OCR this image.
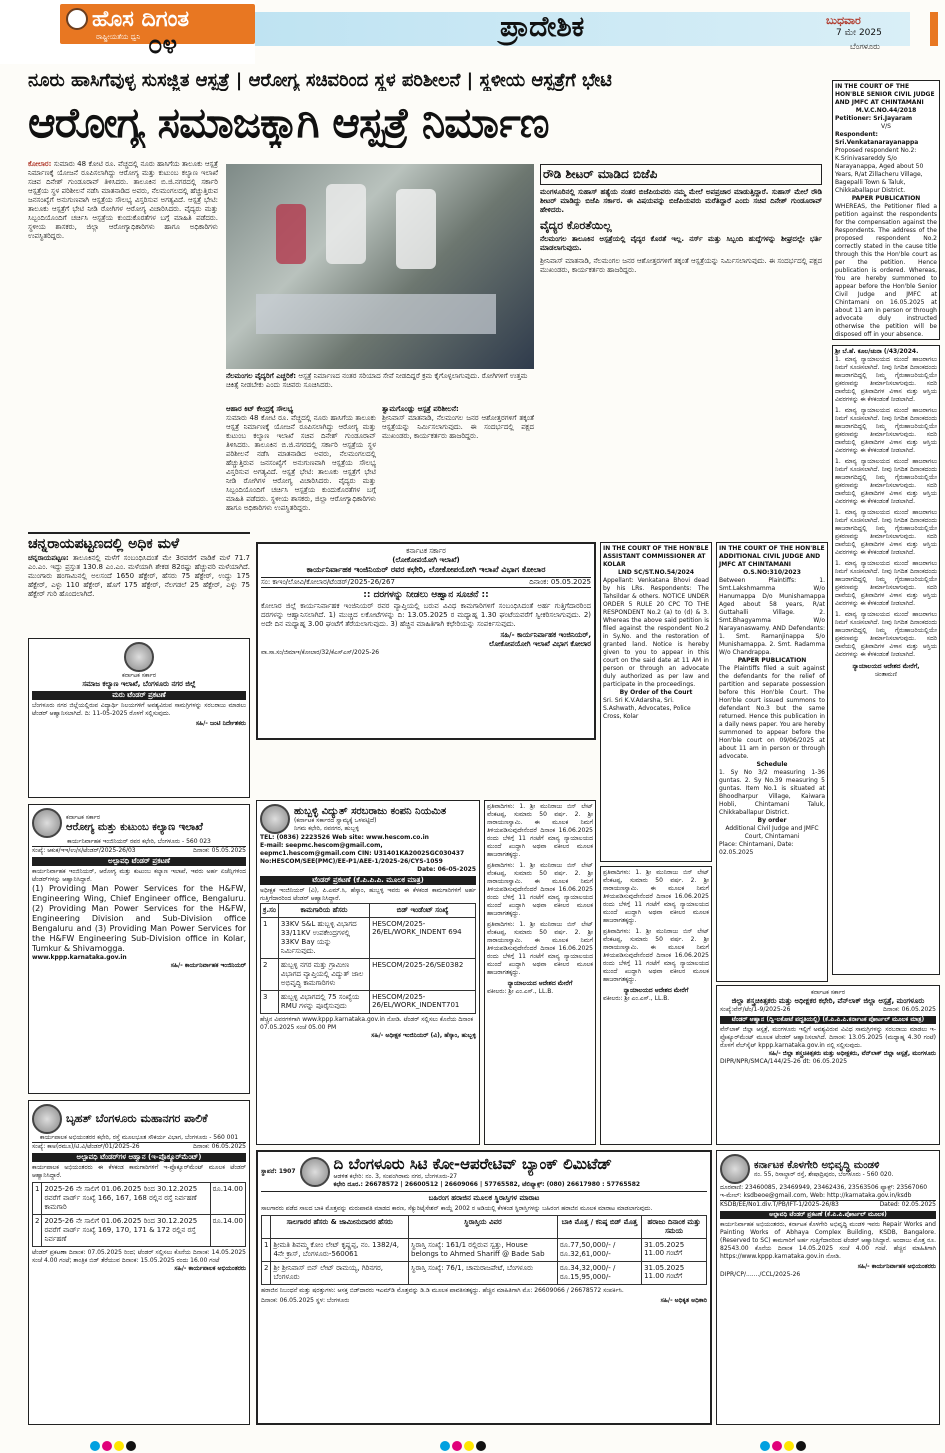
ಹೊಸ ದಿಗಂತ
ರಾಷ್ಟ್ರೀಯತೆಯ ಧ್ವನಿ ೦೪
ಪ್ರಾದೇಶಿಕ	ಬುಧವಾರ
7 ಮೇ 2025
ಬೆಂಗಳೂರು
ನೂರು ಹಾಸಿಗೆವುಳ್ಳ ಸುಸಜ್ಜಿತ ಆಸ್ಪತ್ರೆ | ಆರೋಗ್ಯ ಸಚಿವರಿಂದ ಸ್ಥಳ ಪರಿಶೀಲನೆ | ಸ್ಥಳೀಯ ಆಸ್ಪತ್ರೆಗೆ ಭೇಟಿ
ಆರೋಗ್ಯ ಸಮಾಜಕ್ಕಾಗಿ ಆಸ್ಪತ್ರೆ ನಿರ್ಮಾಣ
ಕೋಲಾರ: ಸುಮಾರು 48 ಕೋಟಿ ರೂ. ವೆಚ್ಚದಲ್ಲಿ ನೂರು ಹಾಸಿಗೆಯ ತಾಲೂಕು ಆಸ್ಪತ್ರೆ ನಿರ್ಮಾಣಕ್ಕೆ ಯೋಜನೆ ರೂಪಿಸಲಾಗಿದ್ದು ಆರೋಗ್ಯ ಮತ್ತು ಕುಟುಂಬ ಕಲ್ಯಾಣ ಇಲಾಖೆ ಸಚಿವ ದಿನೇಶ್ ಗುಂಡೂರಾವ್ ತಿಳಿಸಿದರು. ತಾಲೂಕಿನ ಬಿ.ಜಿ.ನಗರದಲ್ಲಿ ಸರ್ಕಾರಿ ಆಸ್ಪತ್ರೆಯ ಸ್ಥಳ ಪರಿಶೀಲನೆ ನಡೆಸಿ ಮಾತನಾಡಿದ ಅವರು, ನೆಲಮಂಗಲದಲ್ಲಿ ಹೆಚ್ಚುತ್ತಿರುವ ಜನಸಂಖ್ಯೆಗೆ ಅನುಗುಣವಾಗಿ ಆಸ್ಪತ್ರೆಯ ಸೌಲಭ್ಯ ವಿಸ್ತರಿಸುವ ಅಗತ್ಯವಿದೆ. ಆಸ್ಪತ್ರೆ ಭೇಟಿ: ತಾಲೂಕು ಆಸ್ಪತ್ರೆಗೆ ಭೇಟಿ ನೀಡಿ ರೋಗಿಗಳ ಆರೋಗ್ಯ ವಿಚಾರಿಸಿದರು. ವೈದ್ಯರು ಮತ್ತು ಸಿಬ್ಬಂದಿಯೊಂದಿಗೆ ಚರ್ಚಿಸಿ ಆಸ್ಪತ್ರೆಯ ಕುಂದುಕೊರತೆಗಳ ಬಗ್ಗೆ ಮಾಹಿತಿ ಪಡೆದರು. ಸ್ಥಳೀಯ ಶಾಸಕರು, ಜಿಲ್ಲಾ ಆರೋಗ್ಯಾಧಿಕಾರಿಗಳು ಹಾಗೂ ಅಧಿಕಾರಿಗಳು ಉಪಸ್ಥಿತರಿದ್ದರು.
ನೆಲಮಂಗಲ ವೈದ್ಯರಿಗೆ ಎಚ್ಚರಿಕೆ: ಆಸ್ಪತ್ರೆ ನಿರ್ಮಾಣದ ನಂತರ ಸರಿಯಾದ ಸೇವೆ ನೀಡದಿದ್ದರೆ ಕ್ರಮ ಕೈಗೊಳ್ಳಲಾಗುವುದು. ರೋಗಿಗಳಿಗೆ ಉತ್ತಮ ಚಿಕಿತ್ಸೆ ನೀಡಬೇಕು ಎಂದು ಸಚಿವರು ಸೂಚಿಸಿದರು.
ಆಹಾರ ಕಿಟ್ ಕೇಂದ್ರಕ್ಕೆ ಸೌಲಭ್ಯ
ಸುಮಾರು 48 ಕೋಟಿ ರೂ. ವೆಚ್ಚದಲ್ಲಿ ನೂರು ಹಾಸಿಗೆಯ ತಾಲೂಕು ಆಸ್ಪತ್ರೆ ನಿರ್ಮಾಣಕ್ಕೆ ಯೋಜನೆ ರೂಪಿಸಲಾಗಿದ್ದು ಆರೋಗ್ಯ ಮತ್ತು ಕುಟುಂಬ ಕಲ್ಯಾಣ ಇಲಾಖೆ ಸಚಿವ ದಿನೇಶ್ ಗುಂಡೂರಾವ್ ತಿಳಿಸಿದರು. ತಾಲೂಕಿನ ಬಿ.ಜಿ.ನಗರದಲ್ಲಿ ಸರ್ಕಾರಿ ಆಸ್ಪತ್ರೆಯ ಸ್ಥಳ ಪರಿಶೀಲನೆ ನಡೆಸಿ ಮಾತನಾಡಿದ ಅವರು, ನೆಲಮಂಗಲದಲ್ಲಿ ಹೆಚ್ಚುತ್ತಿರುವ ಜನಸಂಖ್ಯೆಗೆ ಅನುಗುಣವಾಗಿ ಆಸ್ಪತ್ರೆಯ ಸೌಲಭ್ಯ ವಿಸ್ತರಿಸುವ ಅಗತ್ಯವಿದೆ. ಆಸ್ಪತ್ರೆ ಭೇಟಿ: ತಾಲೂಕು ಆಸ್ಪತ್ರೆಗೆ ಭೇಟಿ ನೀಡಿ ರೋಗಿಗಳ ಆರೋಗ್ಯ ವಿಚಾರಿಸಿದರು. ವೈದ್ಯರು ಮತ್ತು ಸಿಬ್ಬಂದಿಯೊಂದಿಗೆ ಚರ್ಚಿಸಿ ಆಸ್ಪತ್ರೆಯ ಕುಂದುಕೊರತೆಗಳ ಬಗ್ಗೆ ಮಾಹಿತಿ ಪಡೆದರು. ಸ್ಥಳೀಯ ಶಾಸಕರು, ಜಿಲ್ಲಾ ಆರೋಗ್ಯಾಧಿಕಾರಿಗಳು ಹಾಗೂ ಅಧಿಕಾರಿಗಳು ಉಪಸ್ಥಿತರಿದ್ದರು.
ತ್ವಾಮಗೊಂಡ್ಲು ಆಸ್ಪತ್ರೆ ಪರಿಶೀಲನೆ:
ಶ್ರೀನಿವಾಸ್ ಮಾತನಾಡಿ, ನೆಲಮಂಗಲ ಜನರ ಆಶೋತ್ತರಗಳಿಗೆ ತಕ್ಕಂತೆ ಆಸ್ಪತ್ರೆಯನ್ನು ನಿರ್ಮಿಸಲಾಗುವುದು. ಈ ಸಂದರ್ಭದಲ್ಲಿ ಪಕ್ಷದ ಮುಖಂಡರು, ಕಾರ್ಯಕರ್ತರು ಹಾಜರಿದ್ದರು.
ರೌಡಿ ಶೀಟರ್ ಮಾಡಿದ ಬಿಜೆಪಿ
ಮಂಗಳೂರಿನಲ್ಲಿ ಸುಹಾಸ್ ಹತ್ಯೆಯ ನಂತರ ಬಿಜೆಪಿಯವರು ನಮ್ಮ ಮೇಲೆ ಅಪಪ್ರಚಾರ ಮಾಡುತ್ತಿದ್ದಾರೆ. ಸುಹಾಸ್ ಮೇಲೆ ರೌಡಿ ಶೀಟರ್ ಮಾಡಿದ್ದು ಬಿಜೆಪಿ ಸರ್ಕಾರ. ಈ ವಿಷಯವನ್ನು ಬಿಜೆಪಿಯವರು ಮರೆತಿದ್ದಾರೆ ಎಂದು ಸಚಿವ ದಿನೇಶ್ ಗುಂಡೂರಾವ್ ಹೇಳಿದರು.
ವೈದ್ಯರ ಕೊರತೆಯಿಲ್ಲ
ನೆಲಮಂಗಲ ತಾಲೂಕಿನ ಆಸ್ಪತ್ರೆಯಲ್ಲಿ ವೈದ್ಯರ ಕೊರತೆ ಇಲ್ಲ. ನರ್ಸ್ ಮತ್ತು ಸಿಬ್ಬಂದಿ ಹುದ್ದೆಗಳನ್ನು ಶೀಘ್ರದಲ್ಲೇ ಭರ್ತಿ ಮಾಡಲಾಗುವುದು.
ಶ್ರೀನಿವಾಸ್ ಮಾತನಾಡಿ, ನೆಲಮಂಗಲ ಜನರ ಆಶೋತ್ತರಗಳಿಗೆ ತಕ್ಕಂತೆ ಆಸ್ಪತ್ರೆಯನ್ನು ನಿರ್ಮಿಸಲಾಗುವುದು. ಈ ಸಂದರ್ಭದಲ್ಲಿ ಪಕ್ಷದ ಮುಖಂಡರು, ಕಾರ್ಯಕರ್ತರು ಹಾಜರಿದ್ದರು.
IN THE COURT OF THE HON'BLE SENIOR CIVIL JUDGE AND JMFC AT CHINTAMANI
M.V.C.NO.44/2018
Petitioner: Sri.Jayaram
V/S
Respondent: Sri.Venkatanarayanappa
Proposed respondent No.2: K.Srinivasareddy S/o Narayanappa, Aged about 50 Years, R/at Zillacheru Village, Bagepalli Town & Taluk, Chikkaballapur District.
PAPER PUBLICATION
WHEREAS, the Petitioner filed a petition against the respondents for the compensation against the Respondents. The address of the proposed respondent No.2 correctly stated in the cause title through this the Hon'ble court as per the petition. Hence publication is ordered. Whereas, You are hereby summoned to appear before the Hon'ble Senior Civil Judge and JMFC at Chintamani on 16.05.2025 at about 11 am in person or through advocate duly instructed otherwise the petition will be disposed off in your absence.
ಶ್ರೀ ಬೆ.ಹೆ. ಕೂಲ/ಚುನಾ (/43/2024.
1. ಮಾನ್ಯ ನ್ಯಾಯಾಲಯದ ಮುಂದೆ ಹಾಜರಾಗಲು ನಿಮಗೆ ಸೂಚಿಸಲಾಗಿದೆ. ನೀವು ನಿಗದಿತ ದಿನಾಂಕದಂದು ಹಾಜರಾಗದಿದ್ದಲ್ಲಿ ನಿಮ್ಮ ಗೈರುಹಾಜರಿಯಲ್ಲಿಯೇ ಪ್ರಕರಣವನ್ನು ತೀರ್ಮಾನಿಸಲಾಗುವುದು. ಸದರಿ ದಾವೆಯಲ್ಲಿ ಪ್ರತಿವಾದಿಗಳ ವಿಳಾಸ ಮತ್ತು ಆಸ್ತಿಯ ವಿವರಗಳನ್ನು ಈ ಕೆಳಕಂಡಂತೆ ನೀಡಲಾಗಿದೆ.
1. ಮಾನ್ಯ ನ್ಯಾಯಾಲಯದ ಮುಂದೆ ಹಾಜರಾಗಲು ನಿಮಗೆ ಸೂಚಿಸಲಾಗಿದೆ. ನೀವು ನಿಗದಿತ ದಿನಾಂಕದಂದು ಹಾಜರಾಗದಿದ್ದಲ್ಲಿ ನಿಮ್ಮ ಗೈರುಹಾಜರಿಯಲ್ಲಿಯೇ ಪ್ರಕರಣವನ್ನು ತೀರ್ಮಾನಿಸಲಾಗುವುದು. ಸದರಿ ದಾವೆಯಲ್ಲಿ ಪ್ರತಿವಾದಿಗಳ ವಿಳಾಸ ಮತ್ತು ಆಸ್ತಿಯ ವಿವರಗಳನ್ನು ಈ ಕೆಳಕಂಡಂತೆ ನೀಡಲಾಗಿದೆ.
1. ಮಾನ್ಯ ನ್ಯಾಯಾಲಯದ ಮುಂದೆ ಹಾಜರಾಗಲು ನಿಮಗೆ ಸೂಚಿಸಲಾಗಿದೆ. ನೀವು ನಿಗದಿತ ದಿನಾಂಕದಂದು ಹಾಜರಾಗದಿದ್ದಲ್ಲಿ ನಿಮ್ಮ ಗೈರುಹಾಜರಿಯಲ್ಲಿಯೇ ಪ್ರಕರಣವನ್ನು ತೀರ್ಮಾನಿಸಲಾಗುವುದು. ಸದರಿ ದಾವೆಯಲ್ಲಿ ಪ್ರತಿವಾದಿಗಳ ವಿಳಾಸ ಮತ್ತು ಆಸ್ತಿಯ ವಿವರಗಳನ್ನು ಈ ಕೆಳಕಂಡಂತೆ ನೀಡಲಾಗಿದೆ.
1. ಮಾನ್ಯ ನ್ಯಾಯಾಲಯದ ಮುಂದೆ ಹಾಜರಾಗಲು ನಿಮಗೆ ಸೂಚಿಸಲಾಗಿದೆ. ನೀವು ನಿಗದಿತ ದಿನಾಂಕದಂದು ಹಾಜರಾಗದಿದ್ದಲ್ಲಿ ನಿಮ್ಮ ಗೈರುಹಾಜರಿಯಲ್ಲಿಯೇ ಪ್ರಕರಣವನ್ನು ತೀರ್ಮಾನಿಸಲಾಗುವುದು. ಸದರಿ ದಾವೆಯಲ್ಲಿ ಪ್ರತಿವಾದಿಗಳ ವಿಳಾಸ ಮತ್ತು ಆಸ್ತಿಯ ವಿವರಗಳನ್ನು ಈ ಕೆಳಕಂಡಂತೆ ನೀಡಲಾಗಿದೆ.
1. ಮಾನ್ಯ ನ್ಯಾಯಾಲಯದ ಮುಂದೆ ಹಾಜರಾಗಲು ನಿಮಗೆ ಸೂಚಿಸಲಾಗಿದೆ. ನೀವು ನಿಗದಿತ ದಿನಾಂಕದಂದು ಹಾಜರಾಗದಿದ್ದಲ್ಲಿ ನಿಮ್ಮ ಗೈರುಹಾಜರಿಯಲ್ಲಿಯೇ ಪ್ರಕರಣವನ್ನು ತೀರ್ಮಾನಿಸಲಾಗುವುದು. ಸದರಿ ದಾವೆಯಲ್ಲಿ ಪ್ರತಿವಾದಿಗಳ ವಿಳಾಸ ಮತ್ತು ಆಸ್ತಿಯ ವಿವರಗಳನ್ನು ಈ ಕೆಳಕಂಡಂತೆ ನೀಡಲಾಗಿದೆ.
1. ಮಾನ್ಯ ನ್ಯಾಯಾಲಯದ ಮುಂದೆ ಹಾಜರಾಗಲು ನಿಮಗೆ ಸೂಚಿಸಲಾಗಿದೆ. ನೀವು ನಿಗದಿತ ದಿನಾಂಕದಂದು ಹಾಜರಾಗದಿದ್ದಲ್ಲಿ ನಿಮ್ಮ ಗೈರುಹಾಜರಿಯಲ್ಲಿಯೇ ಪ್ರಕರಣವನ್ನು ತೀರ್ಮಾನಿಸಲಾಗುವುದು. ಸದರಿ ದಾವೆಯಲ್ಲಿ ಪ್ರತಿವಾದಿಗಳ ವಿಳಾಸ ಮತ್ತು ಆಸ್ತಿಯ ವಿವರಗಳನ್ನು ಈ ಕೆಳಕಂಡಂತೆ ನೀಡಲಾಗಿದೆ.
ನ್ಯಾಯಾಲಯದ ಆದೇಶದ ಮೇರೆಗೆ,
ಚಿಂತಾಮಣಿ
ಚನ್ನರಾಯಪಟ್ಟಣದಲ್ಲಿ ಅಧಿಕ ಮಳೆ
ಚನ್ನರಾಯಪಟ್ಟಣ: ತಾಲೂಕಿನಲ್ಲಿ ಮಳೆಗೆ ಸಂಬಂಧಿಸಿದಂತೆ ಮೇ 3ರವರೆಗೆ ವಾಡಿಕೆ ಮಳೆ 71.7 ಎಂ.ಎಂ. ಇದ್ದು ಪ್ರಸ್ತುತ 130.8 ಎಂ.ಎಂ. ಮಳೆಯಾಗಿ ಶೇಕಡ 82ರಷ್ಟು ಹೆಚ್ಚುವರಿ ಮಳೆಯಾಗಿದೆ. ಮುಂಗಾರು ಹಂಗಾಮಿನಲ್ಲಿ ಅಲಸಂದೆ 1650 ಹೆಕ್ಟೇರ್, ಹೆಸರು 75 ಹೆಕ್ಟೇರ್, ಉದ್ದು 175 ಹೆಕ್ಟೇರ್, ಎಳ್ಳು 110 ಹೆಕ್ಟೇರ್, ಹೊಗೆ 175 ಹೆಕ್ಟೇರ್, ನೆಲಗಡಲೆ 25 ಹೆಕ್ಟೇರ್, ಎಳ್ಳು 75 ಹೆಕ್ಟೇರ್ ಗುರಿ ಹೊಂದಲಾಗಿದೆ.
ಕರ್ನಾಟಕ ಸರ್ಕಾರ
(ಲೋಕೋಪಯೋಗಿ ಇಲಾಖೆ)
ಕಾರ್ಯನಿರ್ವಾಹಕ ಇಂಜಿನಿಯರ್ ರವರ ಕಛೇರಿ, ಲೋಕೋಪಯೋಗಿ ಇಲಾಖೆ ವಿಭಾಗ ಕೋಲಾರ
ಸಂ: ಕಾಇಂ/ಲೋವಿ/ಕೋಲಾರ/ಟೆಂಡರ್/2025-26/267	ದಿನಾಂಕ: 05.05.2025
:: ದರಗಳನ್ನು ನೀಡಲು ಆಹ್ವಾನ ಸೂಚನೆ ::
ಕೋಲಾರ ಜಿಲ್ಲೆ ಕಾರ್ಯನಿರ್ವಾಹಕ ಇಂಜಿನಿಯರ್ ರವರ ವ್ಯಾಪ್ತಿಯಲ್ಲಿ ಬರುವ ವಿವಿಧ ಕಾಮಗಾರಿಗಳಿಗೆ ಸಂಬಂಧಿಸಿದಂತೆ ಅರ್ಹ ಗುತ್ತಿಗೆದಾರರಿಂದ ದರಗಳನ್ನು ಆಹ್ವಾನಿಸಲಾಗಿದೆ. 1) ಮುಚ್ಚಿದ ಲಕೋಟೆಗಳನ್ನು ದಿ: 13.05.2025 ರ ಮಧ್ಯಾಹ್ನ 1.30 ಘಂಟೆಯವರೆಗೆ ಸ್ವೀಕರಿಸಲಾಗುವುದು. 2) ಅದೇ ದಿನ ಮಧ್ಯಾಹ್ನ 3.00 ಘಂಟೆಗೆ ತೆರೆಯಲಾಗುವುದು. 3) ಹೆಚ್ಚಿನ ಮಾಹಿತಿಗಾಗಿ ಕಛೇರಿಯನ್ನು ಸಂಪರ್ಕಿಸುವುದು.
ಸಹಿ/- ಕಾರ್ಯನಿರ್ವಾಹಕ ಇಂಜಿನಿಯರ್,
ಲೋಕೋಪಯೋಗಿ ಇಲಾಖೆ ವಿಭಾಗ ಕೋಲಾರ
ವಾ.ಸಾ.ಸಂ/ಜಿಮಾಇ/ಕೋಲಾರ/32/ಕೆಎಸ್‌ಎಸ್/2025-26
IN THE COURT OF THE HON'BLE ASSISTANT COMMISSIONER AT KOLAR
LND SC/ST.NO.54/2024
Appellant: Venkatana Bhovi dead by his LRs. Respondents: The Tahsildar & others. NOTICE UNDER ORDER 5 RULE 20 CPC TO THE RESPONDENT No.2 (a) to (d) & 3. Whereas the above said petition is filed against the respondent No.2 in Sy.No. and the restoration of granted land. Notice is hereby given to you to appear in this court on the said date at 11 AM in person or through an advocate duly authorized as per law and participate in the proceedings.
By Order of the Court
Sri. Sri K.V.Adarsha, Sri. S.Ashwath, Advocates, Police Cross, Kolar
IN THE COURT OF THE HON'BLE ADDITIONAL CIVIL JUDGE AND JMFC AT CHINTAMANI
O.S.NO:310/2023
Between Plaintiffs: 1. Smt.Lakshmamma W/o Hanumappa D/o Munishamappa Aged about 58 years, R/at Guttahalli Village. 2. Smt.Bhagyamma W/o Narayanaswamy. AND Defendants: 1. Smt. Ramanjinappa S/o Munishamappa. 2. Smt. Radamma W/o Chandrappa.
PAPER PUBLICATION
The Plaintiffs filed a suit against the defendants for the relief of partition and separate possession before this Hon'ble Court. The Hon'ble court issued summons to defendant No.3 but the same returned. Hence this publication in a daily news paper. You are hereby summoned to appear before the Hon'ble court on 09/06/2025 at about 11 am in person or through advocate.
Schedule
1. Sy No 3/2 measuring 1-36 guntas. 2. Sy No.39 measuring 5 guntas. Item No.1 is situated at Bhoodharpur Village, Kaiwara Hobli, Chintamani Taluk, Chikkaballapur District.
By order
Additional Civil Judge and JMFC Court, Chintamani
Place: Chintamani, Date: 02.05.2025
ಕರ್ನಾಟಕ ಸರ್ಕಾರ
ಸಮಾಜ ಕಲ್ಯಾಣ ಇಲಾಖೆ, ಬೆಂಗಳೂರು ನಗರ ಜಿಲ್ಲೆ
ಮರು ಟೆಂಡರ್ ಪ್ರಕಟಣೆ
ಬೆಂಗಳೂರು ನಗರ ಜಿಲ್ಲೆಯಲ್ಲಿರುವ ವಿದ್ಯಾರ್ಥಿ ನಿಲಯಗಳಿಗೆ ಅವಶ್ಯವಿರುವ ಸಾಮಗ್ರಿಗಳನ್ನು ಸರಬರಾಜು ಮಾಡಲು ಟೆಂಡರ್ ಆಹ್ವಾನಿಸಲಾಗಿದೆ. ದಿ: 11-05-2025 ರೊಳಗೆ ಸಲ್ಲಿಸುವುದು.
ಸಹಿ/- ಜಂಟಿ ನಿರ್ದೇಶಕರು
ಕರ್ನಾಟಕ ಸರ್ಕಾರ
ಆರೋಗ್ಯ ಮತ್ತು ಕುಟುಂಬ ಕಲ್ಯಾಣ ಇಲಾಖೆ
ಕಾರ್ಯನಿರ್ವಾಹಕ ಇಂಜಿನಿಯರ್ ರವರ ಕಛೇರಿ, ಬೆಂಗಳೂರು - 560 023
ಸಂಖ್ಯೆ: ಆಕುಕ/ಇಇ/ಉ/ಸ/ಟೆಂಡರ್/2025-26/03	ದಿನಾಂಕ: 05.05.2025
ಅಲ್ಪಾವಧಿ ಟೆಂಡರ್ ಪ್ರಕಟಣೆ
ಕಾರ್ಯನಿರ್ವಾಹಕ ಇಂಜಿನಿಯರ್, ಆರೋಗ್ಯ ಮತ್ತು ಕುಟುಂಬ ಕಲ್ಯಾಣ ಇಲಾಖೆ, ಇವರು ಅರ್ಹ ಏಜೆನ್ಸಿಗಳಿಂದ ಟೆಂಡರ್‌ಗಳನ್ನು ಆಹ್ವಾನಿಸಿದ್ದಾರೆ.
(1) Providing Man Power Services for the H&FW, Engineering Wing, Chief Engineer office, Bengaluru. (2) Providing Man Power Services for the H&FW, Engineering Division and Sub-Division office Bengaluru and (3) Providing Man Power Services for the H&FW Engineering Sub-Division office in Kolar, Tumkur & Shivamogga.
www.kppp.karnataka.gov.in
ಸಹಿ/- ಕಾರ್ಯನಿರ್ವಾಹಕ ಇಂಜಿನಿಯರ್
ಬೃಹತ್ ಬೆಂಗಳೂರು ಮಹಾನಗರ ಪಾಲಿಕೆ
ಕಾರ್ಯಪಾಲಕ ಅಭಿಯಂತರರ ಕಛೇರಿ, ರಸ್ತೆ ಮೂಲಭೂತ ಸೌಕರ್ಯ ವಿಭಾಗ, ಬೆಂಗಳೂರು - 560 001
ಸಂಖ್ಯೆ: ಕಾಅ(ರಮೂ)/ಟಿ.ವಿ/ಟೆಂಡರ್/01/2025-26	ದಿನಾಂಕ: 06.05.2025
ಅಲ್ಪಾವಧಿ ಟೆಂಡರ್‌ಗಳ ಆಹ್ವಾನ (ಇ-ಪ್ರೊಕ್ಯೂರ್‌ಮೆಂಟ್)
ಕಾರ್ಯಪಾಲಕ ಅಭಿಯಂತರರು ಈ ಕೆಳಕಂಡ ಕಾಮಗಾರಿಗಳಿಗೆ ಇ-ಪ್ರೊಕ್ಯೂರ್‌ಮೆಂಟ್ ಮೂಲಕ ಟೆಂಡರ್ ಆಹ್ವಾನಿಸಿದ್ದಾರೆ.
1	2025-26 ನೇ ಸಾಲಿಗೆ 01.06.2025 ರಿಂದ 30.12.2025 ರವರೆಗೆ ವಾರ್ಡ್ ಸಂಖ್ಯೆ 166, 167, 168 ರಲ್ಲಿನ ರಸ್ತೆ ನಿರ್ವಹಣೆ ಕಾಮಗಾರಿ	ರೂ.14.00
2	2025-26 ನೇ ಸಾಲಿಗೆ 01.06.2025 ರಿಂದ 30.12.2025 ರವರೆಗೆ ವಾರ್ಡ್ ಸಂಖ್ಯೆ 169, 170, 171 & 172 ರಲ್ಲಿನ ರಸ್ತೆ ನಿರ್ವಹಣೆ	ರೂ.14.00
ಟೆಂಡರ್ ಪ್ರಕಟಣಾ ದಿನಾಂಕ: 07.05.2025 ರಿಂದ; ಟೆಂಡರ್ ಸಲ್ಲಿಸಲು ಕೊನೆಯ ದಿನಾಂಕ: 14.05.2025 ಸಂಜೆ 4.00 ಗಂಟೆ; ತಾಂತ್ರಿಕ ಬಿಡ್ ತೆರೆಯುವ ದಿನಾಂಕ: 15.05.2025 ರಂದು 16.00 ಗಂಟೆ
ಸಹಿ/- ಕಾರ್ಯಪಾಲಕ ಅಭಿಯಂತರರು
ಹುಬ್ಬಳ್ಳಿ ವಿದ್ಯುತ್ ಸರಬರಾಜು ಕಂಪನಿ ನಿಯಮಿತ
(ಕರ್ನಾಟಕ ಸರ್ಕಾರದ ಸ್ವಾಮ್ಯಕ್ಕೆ ಒಳಪಟ್ಟಿದೆ)
ನಿಗಮ ಕಛೇರಿ, ನವನಗರ, ಹುಬ್ಬಳ್ಳಿ
TEL: (0836) 2223526 Web site: www.hescom.co.in
E-mail: seepmc.hescom@gmail.com, eepmc1.hescom@gmail.com CIN: U31401KA2002SGC030437
No:HESCOM/SEE(PMC)/EE-P1/AEE-1/2025-26/CYS-1059
Date: 06-05-2025
ಟೆಂಡರ್ ಪ್ರಕಟಣೆ (ಕೆ.ಪಿ.ಪಿ.ಪಿ. ಮೂಲಕ ಮಾತ್ರ)
ಅಧೀಕ್ಷಕ ಇಂಜಿನಿಯರ್ (ವಿ), ಪಿ.ಎಮ್.ಸಿ, ಹೆಸ್ಕಾಂ, ಹುಬ್ಬಳ್ಳಿ ಇವರು ಈ ಕೆಳಕಂಡ ಕಾಮಗಾರಿಗಳಿಗೆ ಅರ್ಹ ಗುತ್ತಿಗೆದಾರರಿಂದ ಟೆಂಡರ್ ಆಹ್ವಾನಿಸಿದ್ದಾರೆ.
ಕ್ರ.ಸಂ	ಕಾಮಗಾರಿಯ ಹೆಸರು	ಬಿಡ್ ಇಂಡೆಂಟ್ ಸಂಖ್ಯೆ
1	33KV S&L ಹುಬ್ಬಳ್ಳಿ ವಿಭಾಗದ 33/11KV ಉಪಕೇಂದ್ರಗಳಲ್ಲಿ 33KV Bay ಯನ್ನು ನಿರ್ಮಿಸುವುದು.	HESCOM/2025-26/EL/WORK_INDENT 694
2	ಹುಬ್ಬಳ್ಳಿ ನಗರ ಮತ್ತು ಗ್ರಾಮೀಣ ವಿಭಾಗದ ವ್ಯಾಪ್ತಿಯಲ್ಲಿ ವಿದ್ಯುತ್ ಜಾಲ ಅಭಿವೃದ್ಧಿ ಕಾಮಗಾರಿಗಳು	HESCOM/2025-26/SE0382
3	ಹುಬ್ಬಳ್ಳಿ ವಿಭಾಗದಲ್ಲಿ 75 ಸಂಖ್ಯೆಯ RMU ಗಳನ್ನು ಪೂರೈಸುವುದು	HESCOM/2025-26/EL/WORK_INDENT701
ಹೆಚ್ಚಿನ ವಿವರಗಳಿಗಾಗಿ www.kppp.karnataka.gov.in ನೋಡಿ. ಟೆಂಡರ್ ಸಲ್ಲಿಸಲು ಕೊನೆಯ ದಿನಾಂಕ 07.05.2025 ಸಂಜೆ 05.00 PM
ಸಹಿ/- ಅಧೀಕ್ಷಕ ಇಂಜಿನಿಯರ್ (ವಿ), ಹೆಸ್ಕಾಂ, ಹುಬ್ಬಳ್ಳಿ
ಪ್ರತಿವಾದಿಗಳು: 1. ಶ್ರೀ ಮುನಿರಾಜು ಬಿನ್ ಲೇಟ್ ವೆಂಕಟಪ್ಪ, ಸುಮಾರು 50 ವರ್ಷ. 2. ಶ್ರೀ ನಾರಾಯಣಸ್ವಾಮಿ. ಈ ಮೂಲಕ ನಿಮಗೆ ತಿಳಿಯಪಡಿಸುವುದೇನೆಂದರೆ ದಿನಾಂಕ 16.06.2025 ರಂದು ಬೆಳಿಗ್ಗೆ 11 ಗಂಟೆಗೆ ಮಾನ್ಯ ನ್ಯಾಯಾಲಯದ ಮುಂದೆ ಖುದ್ದಾಗಿ ಅಥವಾ ವಕೀಲರ ಮೂಲಕ ಹಾಜರಾಗತಕ್ಕದ್ದು.
ಪ್ರತಿವಾದಿಗಳು: 1. ಶ್ರೀ ಮುನಿರಾಜು ಬಿನ್ ಲೇಟ್ ವೆಂಕಟಪ್ಪ, ಸುಮಾರು 50 ವರ್ಷ. 2. ಶ್ರೀ ನಾರಾಯಣಸ್ವಾಮಿ. ಈ ಮೂಲಕ ನಿಮಗೆ ತಿಳಿಯಪಡಿಸುವುದೇನೆಂದರೆ ದಿನಾಂಕ 16.06.2025 ರಂದು ಬೆಳಿಗ್ಗೆ 11 ಗಂಟೆಗೆ ಮಾನ್ಯ ನ್ಯಾಯಾಲಯದ ಮುಂದೆ ಖುದ್ದಾಗಿ ಅಥವಾ ವಕೀಲರ ಮೂಲಕ ಹಾಜರಾಗತಕ್ಕದ್ದು.
ಪ್ರತಿವಾದಿಗಳು: 1. ಶ್ರೀ ಮುನಿರಾಜು ಬಿನ್ ಲೇಟ್ ವೆಂಕಟಪ್ಪ, ಸುಮಾರು 50 ವರ್ಷ. 2. ಶ್ರೀ ನಾರಾಯಣಸ್ವಾಮಿ. ಈ ಮೂಲಕ ನಿಮಗೆ ತಿಳಿಯಪಡಿಸುವುದೇನೆಂದರೆ ದಿನಾಂಕ 16.06.2025 ರಂದು ಬೆಳಿಗ್ಗೆ 11 ಗಂಟೆಗೆ ಮಾನ್ಯ ನ್ಯಾಯಾಲಯದ ಮುಂದೆ ಖುದ್ದಾಗಿ ಅಥವಾ ವಕೀಲರ ಮೂಲಕ ಹಾಜರಾಗತಕ್ಕದ್ದು.
ನ್ಯಾಯಾಲಯದ ಆದೇಶದ ಮೇರೆಗೆ
ವಕೀಲರು: ಶ್ರೀ ಎಂ.ಎಸ್., LL.B.
ಪ್ರತಿವಾದಿಗಳು: 1. ಶ್ರೀ ಮುನಿರಾಜು ಬಿನ್ ಲೇಟ್ ವೆಂಕಟಪ್ಪ, ಸುಮಾರು 50 ವರ್ಷ. 2. ಶ್ರೀ ನಾರಾಯಣಸ್ವಾಮಿ. ಈ ಮೂಲಕ ನಿಮಗೆ ತಿಳಿಯಪಡಿಸುವುದೇನೆಂದರೆ ದಿನಾಂಕ 16.06.2025 ರಂದು ಬೆಳಿಗ್ಗೆ 11 ಗಂಟೆಗೆ ಮಾನ್ಯ ನ್ಯಾಯಾಲಯದ ಮುಂದೆ ಖುದ್ದಾಗಿ ಅಥವಾ ವಕೀಲರ ಮೂಲಕ ಹಾಜರಾಗತಕ್ಕದ್ದು.
ಪ್ರತಿವಾದಿಗಳು: 1. ಶ್ರೀ ಮುನಿರಾಜು ಬಿನ್ ಲೇಟ್ ವೆಂಕಟಪ್ಪ, ಸುಮಾರು 50 ವರ್ಷ. 2. ಶ್ರೀ ನಾರಾಯಣಸ್ವಾಮಿ. ಈ ಮೂಲಕ ನಿಮಗೆ ತಿಳಿಯಪಡಿಸುವುದೇನೆಂದರೆ ದಿನಾಂಕ 16.06.2025 ರಂದು ಬೆಳಿಗ್ಗೆ 11 ಗಂಟೆಗೆ ಮಾನ್ಯ ನ್ಯಾಯಾಲಯದ ಮುಂದೆ ಖುದ್ದಾಗಿ ಅಥವಾ ವಕೀಲರ ಮೂಲಕ ಹಾಜರಾಗತಕ್ಕದ್ದು.
ನ್ಯಾಯಾಲಯದ ಆದೇಶದ ಮೇರೆಗೆ
ವಕೀಲರು: ಶ್ರೀ ಎಂ.ಎಸ್., LL.B.
ಕರ್ನಾಟಕ ಸರ್ಕಾರ
ಜಿಲ್ಲಾ ಶಸ್ತ್ರಚಿಕಿತ್ಸಕರು ಮತ್ತು ಅಧೀಕ್ಷಕರ ಕಛೇರಿ, ವೆನ್‌ಲಾಕ್ ಜಿಲ್ಲಾ ಆಸ್ಪತ್ರೆ, ಮಂಗಳೂರು
ಸಂಖ್ಯೆ:ವೆನ್/ಟೆಂ/1-9/2025-26	ದಿನಾಂಕ: 06.05.2025
ಟೆಂಡರ್ ಆಹ್ವಾನ (ದ್ವಿ-ಲಕೋಟೆ ಪದ್ಧತಿಯಲ್ಲಿ) (ಕೆ.ಪಿ.ಪಿ.ಪಿ.ಕರ್ನಾಟಕ ಪೋರ್ಟಲ್ ಮೂಲಕ ಮಾತ್ರ)
ವೆನ್‌ಲಾಕ್ ಜಿಲ್ಲಾ ಆಸ್ಪತ್ರೆ, ಮಂಗಳೂರು ಇಲ್ಲಿಗೆ ಅವಶ್ಯವಿರುವ ವಿವಿಧ ಸಾಮಗ್ರಿಗಳನ್ನು ಸರಬರಾಜು ಮಾಡಲು ಇ-ಪ್ರೊಕ್ಯೂರ್‌ಮೆಂಟ್ ಮೂಲಕ ಟೆಂಡರ್ ಆಹ್ವಾನಿಸಲಾಗಿದೆ. ದಿನಾಂಕ: 13.05.2025 (ಮಧ್ಯಾಹ್ನ 4.30 ಗಂಟೆ) ರೊಳಗೆ ವೆಬ್‌ಸೈಟ್ kppp.karnataka.gov.in ನಲ್ಲಿ ಸಲ್ಲಿಸುವುದು.
ಸಹಿ/- ಜಿಲ್ಲಾ ಶಸ್ತ್ರಚಿಕಿತ್ಸಕರು ಮತ್ತು ಅಧೀಕ್ಷಕರು, ವೆನ್‌ಲಾಕ್ ಜಿಲ್ಲಾ ಆಸ್ಪತ್ರೆ, ಮಂಗಳೂರು
DIPR/NPR/SMCA/144/25-26 dt: 06.05.2025
ಸ್ಥಾಪನೆ: 1907	ದಿ ಬೆಂಗಳೂರು ಸಿಟಿ ಕೋ-ಆಪರೇಟಿವ್ ಬ್ಯಾಂಕ್ ಲಿಮಿಟೆಡ್
ಆಡಳಿತ ಕಛೇರಿ: ನಂ. 3, ಸಂಪಂಗಿರಾಮ ನಗರ, ಬೆಂಗಳೂರು-27
ಕಛೇರಿ ದೂರ.: 26678572 | 26600512 | 26609066 | 57765582, ಟೆಲಿಫ್ಯಾಕ್ಸ್: (080) 26617980 : 57765582
ಬಹಿರಂಗ ಹರಾಜಿನ ಮೂಲಕ ಸ್ಥಿರಾಸ್ತಿಗಳ ಮಾರಾಟ
ಸಾಲಗಾರರು ಪಡೆದ ಸಾಲದ ಬಾಕಿ ಮೊತ್ತವನ್ನು ಮರುಪಾವತಿ ಮಾಡದ ಕಾರಣ, ಸೆಕ್ಯುರಿಟೈಸೇಶನ್ ಕಾಯ್ದೆ 2002 ರ ಅಡಿಯಲ್ಲಿ ಕೆಳಕಂಡ ಸ್ಥಿರಾಸ್ತಿಗಳನ್ನು ಬಹಿರಂಗ ಹರಾಜಿನ ಮೂಲಕ ಮಾರಾಟ ಮಾಡಲಾಗುವುದು.
	ಸಾಲಗಾರರ ಹೆಸರು & ಜಾಮೀನುದಾರರ ಹೆಸರು	ಸ್ಥಿರಾಸ್ತಿಯ ವಿವರ	ಬಾಕಿ ಮೊತ್ತ / ಕನಿಷ್ಠ ಬಿಡ್ ಮೊತ್ತ	ಹರಾಜು ದಿನಾಂಕ ಮತ್ತು ಸಮಯ
1	ಶ್ರೀಮತಿ ಶಿವಮ್ಮ ಕೋಂ ಲೇಟ್ ಕೃಷ್ಣಪ್ಪ, ನಂ. 1382/4, 4ನೇ ಕ್ರಾಸ್, ಬೆಂಗಳೂರು-560061	ಸ್ಥಿರಾಸ್ತಿ ಸಂಖ್ಯೆ: 161/1 ರಲ್ಲಿರುವ ಸ್ವತ್ತು, House belongs to Ahmed Shariff @ Bade Sab	ರೂ.77,50,000/- / ರೂ.32,61,000/-	31.05.2025 11.00 ಗಂಟೆಗೆ
2	ಶ್ರೀ ಶ್ರೀನಿವಾಸ್ ಬಿನ್ ಲೇಟ್ ರಾಮಯ್ಯ, ಗಿರಿನಗರ, ಬೆಂಗಳೂರು	ಸ್ಥಿರಾಸ್ತಿ ಸಂಖ್ಯೆ: 76/1, ಚಾಮರಾಜಪೇಟೆ, ಬೆಂಗಳೂರು	ರೂ.34,32,000/- / ರೂ.15,95,000/-	31.05.2025 11.00 ಗಂಟೆಗೆ
ಹರಾಜಿನ ನಿಬಂಧನೆ ಮತ್ತು ಷರತ್ತುಗಳು: ಆಸಕ್ತ ಬಿಡ್‌ದಾರರು ಇಎಮ್‌ಡಿ ಮೊತ್ತವನ್ನು ಡಿ.ಡಿ ಮೂಲಕ ಪಾವತಿಸತಕ್ಕದ್ದು. ಹೆಚ್ಚಿನ ಮಾಹಿತಿಗಾಗಿ ಮೊ: 26609066 / 26678572 ಸಂಪರ್ಕಿಸಿ.
ದಿನಾಂಕ: 06.05.2025 ಸ್ಥಳ: ಬೆಂಗಳೂರು	ಸಹಿ/- ಅಧಿಕೃತ ಅಧಿಕಾರಿ
ಕರ್ನಾಟಕ ಕೊಳಗೇರಿ ಅಭಿವೃದ್ಧಿ ಮಂಡಳಿ
ನಂ. 55, ರಿಸಾಲ್ದಾರ್ ರಸ್ತೆ, ಶೇಷಾದ್ರಿಪುರಂ, ಬೆಂಗಳೂರು - 560 020.
ದೂರವಾಣಿ: 23460085, 23469949, 23462436, 23563506 ಫ್ಯಾಕ್ಸ್: 23567060
ಇ-ಮೇಲ್: ksdbeoe@gmail.com, Web: http://karnataka.gov.in/ksdb
KSDB/EE/No1.div.T/PB/IFT-1/2025-26/83	Dated: 02.05.2025
ಅಲ್ಪಾವಧಿ ಟೆಂಡರ್ ಪ್ರಕಟಣೆ (ಕೆ.ಪಿ.ಪಿ.ಪೋರ್ಟಲ್ ಮೂಲಕ)
ಕಾರ್ಯನಿರ್ವಾಹಕ ಅಭಿಯಂತರರು, ಕರ್ನಾಟಕ ಕೊಳಗೇರಿ ಅಭಿವೃದ್ಧಿ ಮಂಡಳಿ ಇವರು Repair Works and Painting Works of Abhaya Complex Building, KSDB, Bangalore. (Reserved to SC) ಕಾಮಗಾರಿಗೆ ಅರ್ಹ ಗುತ್ತಿಗೆದಾರರಿಂದ ಟೆಂಡರ್ ಆಹ್ವಾನಿಸಿದ್ದಾರೆ. ಅಂದಾಜು ಮೊತ್ತ ರೂ. 82543.00 ಕೊನೆಯ ದಿನಾಂಕ 14.05.2025 ಸಂಜೆ 4.00 ಗಂಟೆ. ಹೆಚ್ಚಿನ ಮಾಹಿತಿಗಾಗಿ https://www.kppp.karnataka.gov.in ನೋಡಿ.
ಸಹಿ/- ಕಾರ್ಯನಿರ್ವಾಹಕ ಅಭಿಯಂತರರು
DIPR/CP/......./CCL/2025-26
